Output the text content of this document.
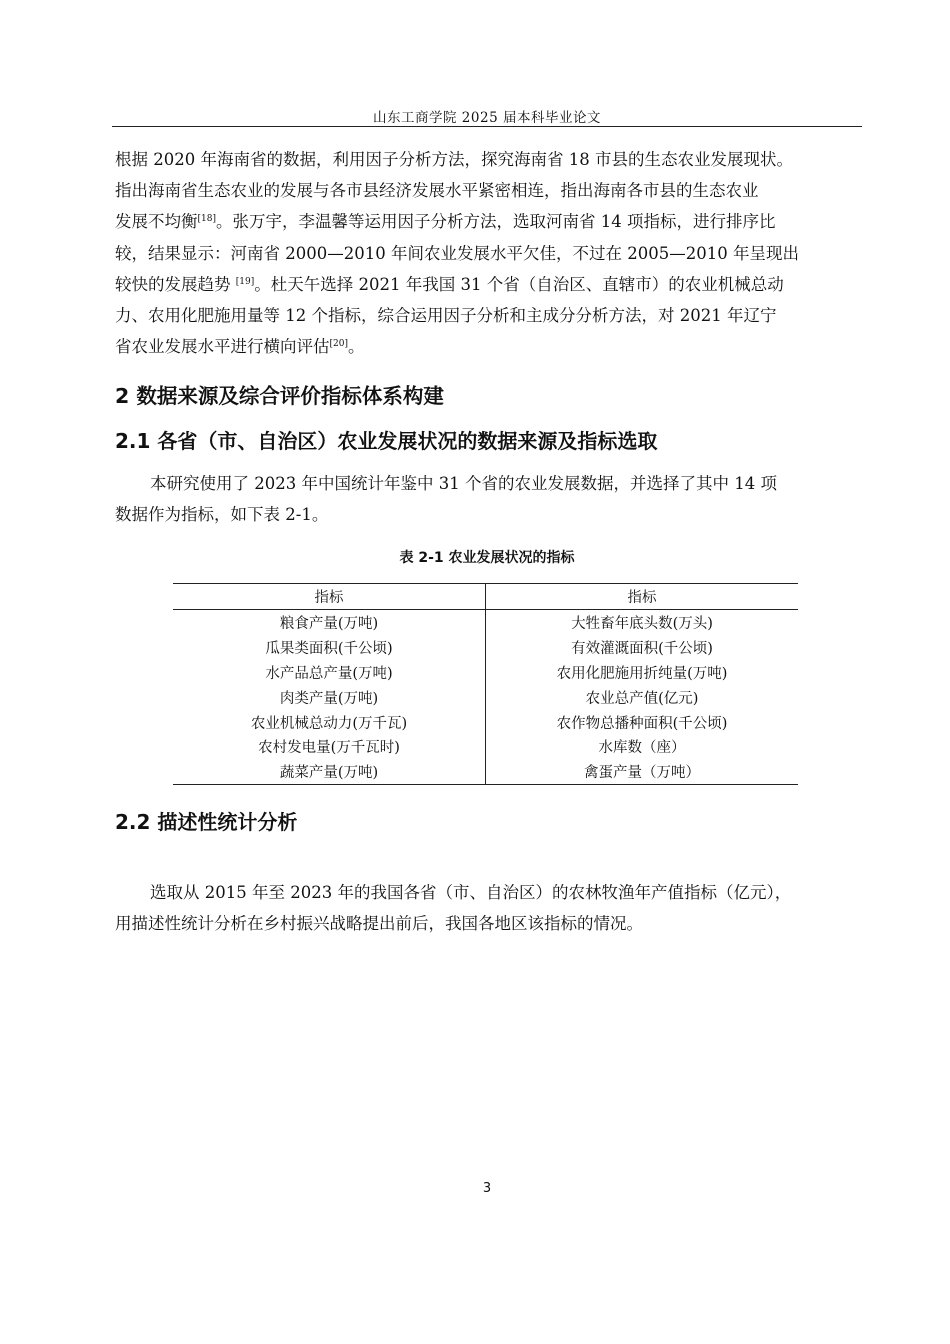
山东工商学院 2025 届本科毕业论文
根据 2020 年海南省的数据，利用因子分析方法，探究海南省 18 市县的生态农业发展现状。
指出海南省生态农业的发展与各市县经济发展水平紧密相连，指出海南各市县的生态农业
发展不均衡[18]。张万宇，李温馨等运用因子分析方法，选取河南省 14 项指标，进行排序比
较，结果显示：河南省 2000—2010 年间农业发展水平欠佳，不过在 2005—2010 年呈现出
较快的发展趋势 [19]。杜天午选择 2021 年我国 31 个省（自治区、直辖市）的农业机械总动
力、农用化肥施用量等 12 个指标，综合运用因子分析和主成分分析方法，对 2021 年辽宁
省农业发展水平进行横向评估[20]。
2 数据来源及综合评价指标体系构建
2.1 各省（市、自治区）农业发展状况的数据来源及指标选取
本研究使用了 2023 年中国统计年鉴中 31 个省的农业发展数据，并选择了其中 14 项
数据作为指标，如下表 2-1。
表 2-1 农业发展状况的指标
指标	指标
粮食产量(万吨)	大牲畜年底头数(万头)
瓜果类面积(千公顷)	有效灌溉面积(千公顷)
水产品总产量(万吨)	农用化肥施用折纯量(万吨)
肉类产量(万吨)	农业总产值(亿元)
农业机械总动力(万千瓦)	农作物总播种面积(千公顷)
农村发电量(万千瓦时)	水库数（座）
蔬菜产量(万吨)	禽蛋产量（万吨）
2.2 描述性统计分析
选取从 2015 年至 2023 年的我国各省（市、自治区）的农林牧渔年产值指标（亿元），
用描述性统计分析在乡村振兴战略提出前后，我国各地区该指标的情况。
3
